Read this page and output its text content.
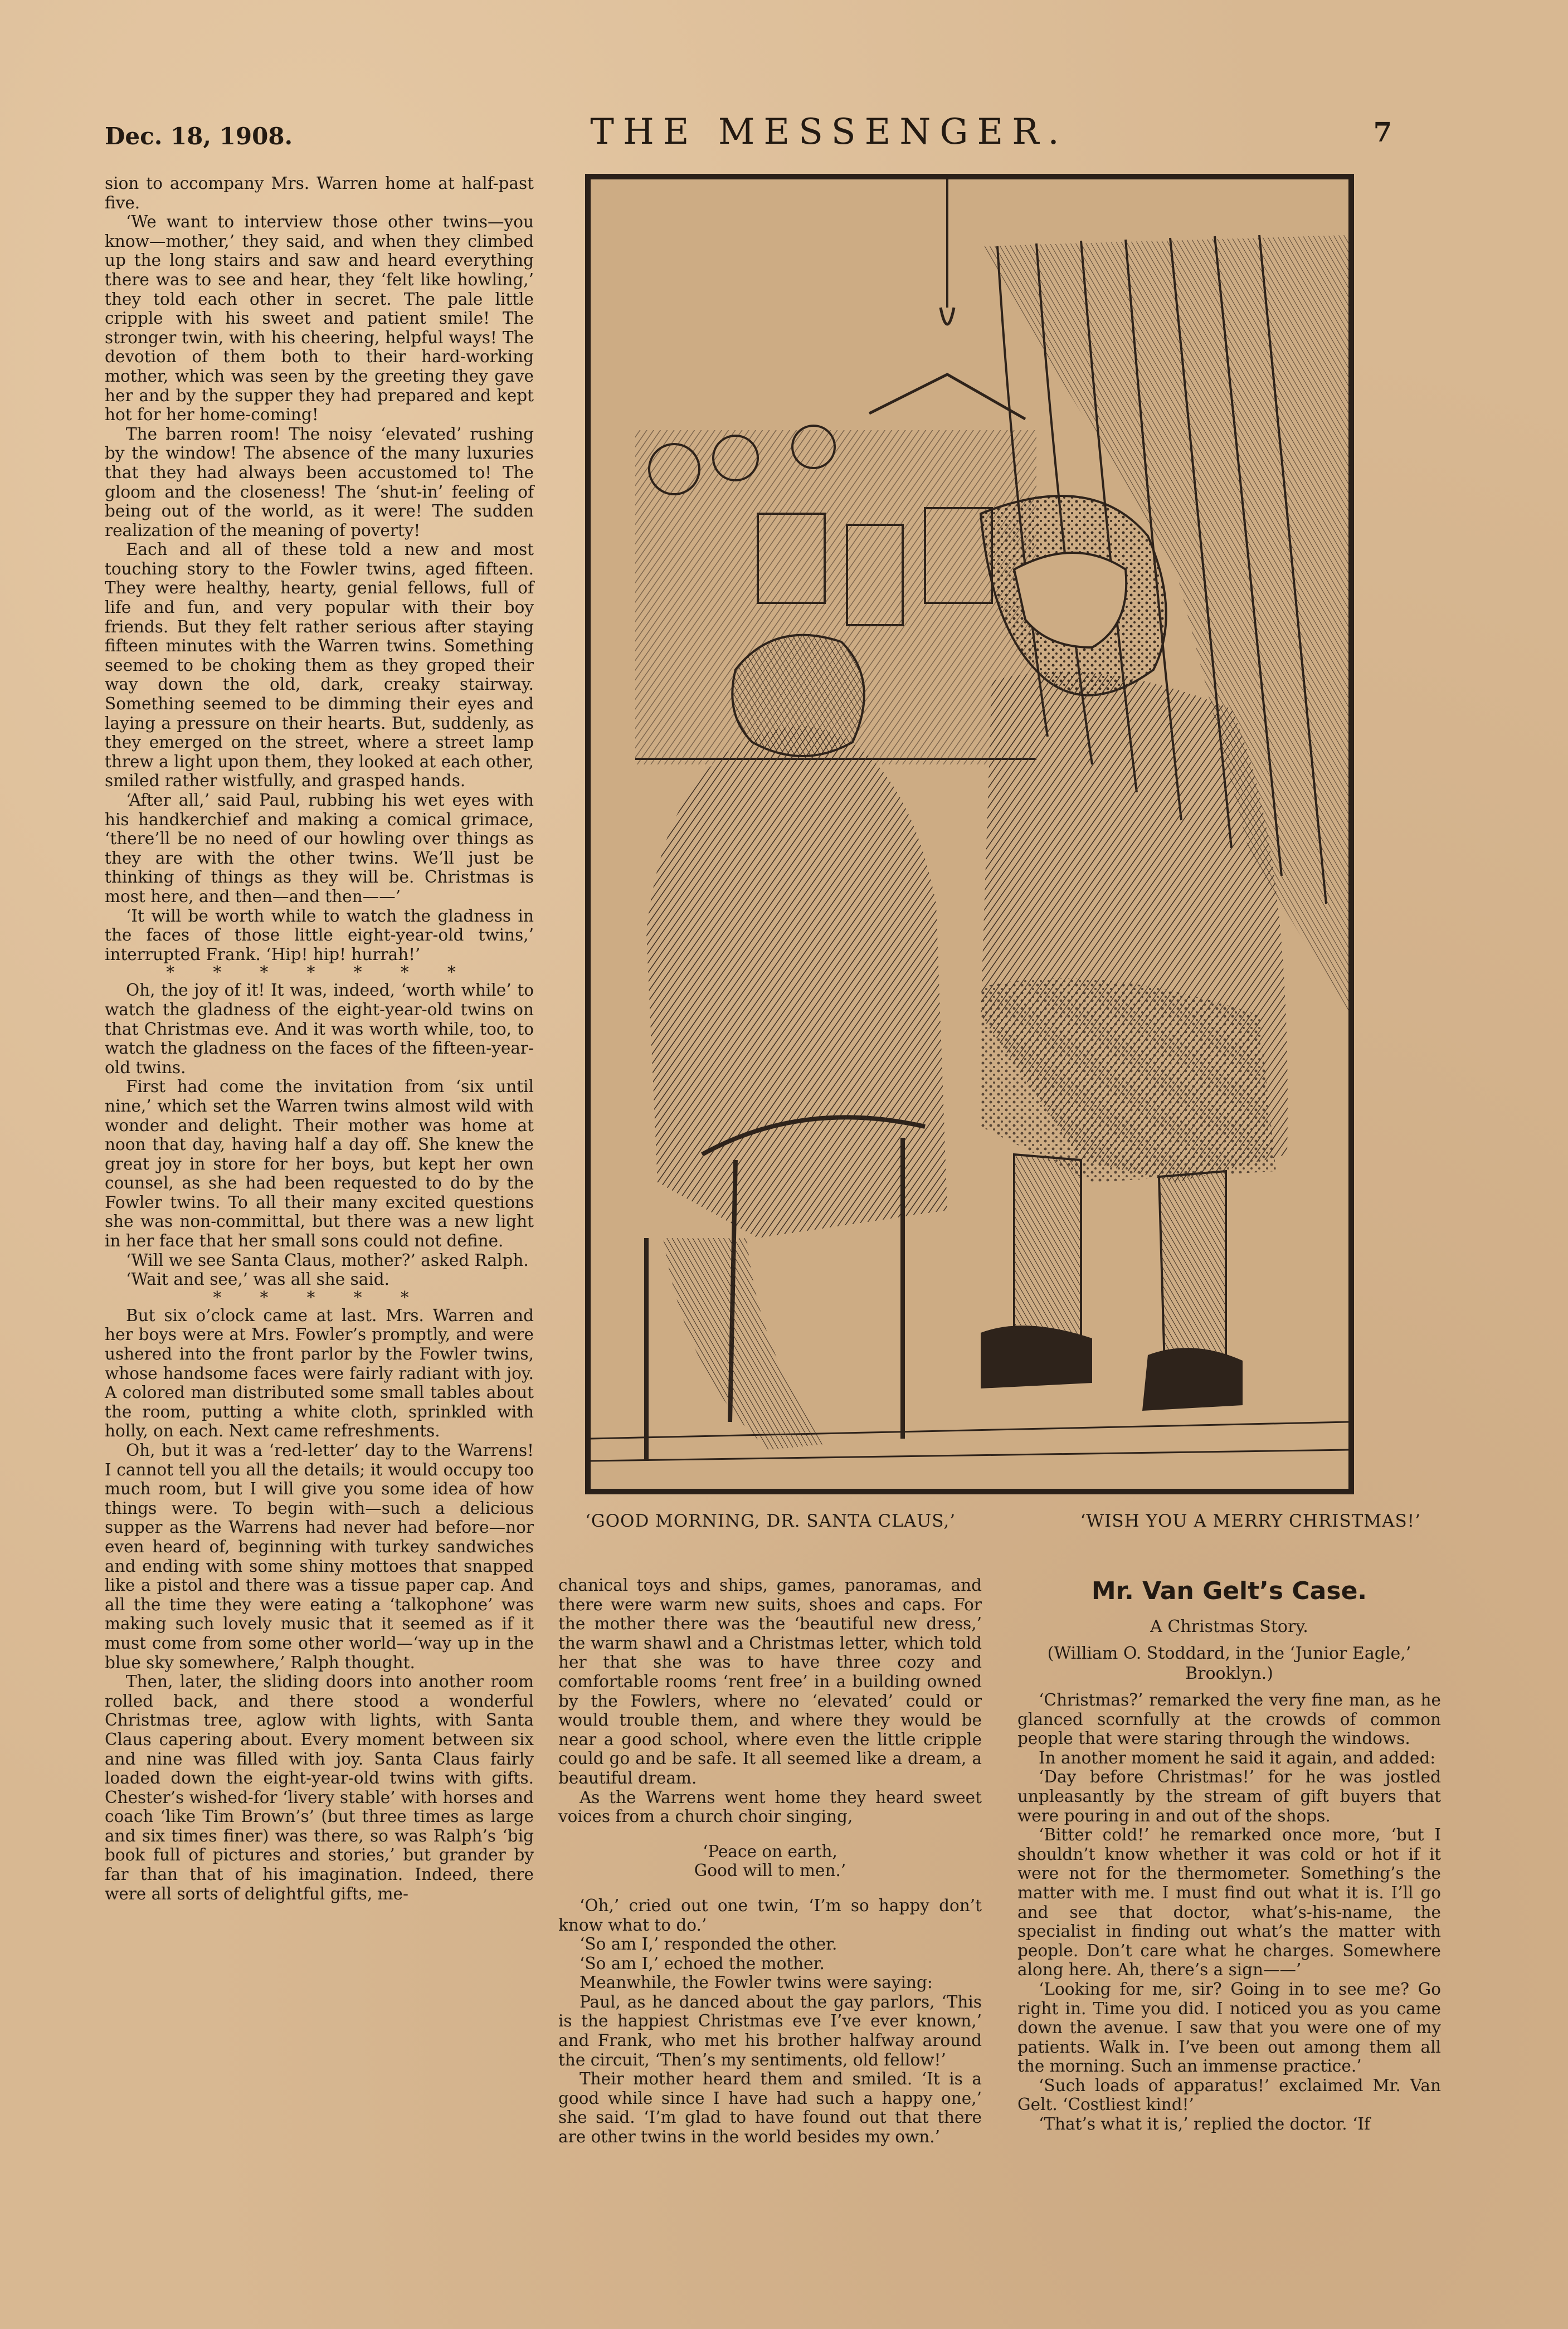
Dec. 18, 1908.	THE MESSENGER.	7

sion to accompany Mrs. Warren home at half-past five.

‘We want to interview those other twins—you know—mother,’ they said, and when they climbed up the long stairs and saw and heard everything there was to see and hear, they ‘felt like howling,’ they told each other in secret. The pale little cripple with his sweet and patient smile! The stronger twin, with his cheering, helpful ways! The devotion of them both to their hard-working mother, which was seen by the greeting they gave her and by the supper they had prepared and kept hot for her home-coming!

The barren room! The noisy ‘elevated’ rushing by the window! The absence of the many luxuries that they had always been accustomed to! The gloom and the closeness! The ‘shut-in’ feeling of being out of the world, as it were! The sudden realization of the meaning of poverty!

Each and all of these told a new and most touching story to the Fowler twins, aged fifteen. They were healthy, hearty, genial fellows, full of life and fun, and very popular with their boy friends. But they felt rather serious after staying fifteen minutes with the Warren twins. Something seemed to be choking them as they groped their way down the old, dark, creaky stairway. Something seemed to be dimming their eyes and laying a pressure on their hearts. But, suddenly, as they emerged on the street, where a street lamp threw a light upon them, they looked at each other, smiled rather wistfully, and grasped hands.

‘After all,’ said Paul, rubbing his wet eyes with his handkerchief and making a comical grimace, ‘there’ll be no need of our howling over things as they are with the other twins. We’ll just be thinking of things as they will be. Christmas is most here, and then—and then——’

‘It will be worth while to watch the gladness in the faces of those little eight-year-old twins,’ interrupted Frank. ‘Hip! hip! hurrah!’

* * * * * * *

Oh, the joy of it! It was, indeed, ‘worth while’ to watch the gladness of the eight-year-old twins on that Christmas eve. And it was worth while, too, to watch the gladness on the faces of the fifteen-year-old twins.

First had come the invitation from ‘six until nine,’ which set the Warren twins almost wild with wonder and delight. Their mother was home at noon that day, having half a day off. She knew the great joy in store for her boys, but kept her own counsel, as she had been requested to do by the Fowler twins. To all their many excited questions she was non-committal, but there was a new light in her face that her small sons could not define.

‘Will we see Santa Claus, mother?’ asked Ralph.

‘Wait and see,’ was all she said.

* * * * *

But six o’clock came at last. Mrs. Warren and her boys were at Mrs. Fowler’s promptly, and were ushered into the front parlor by the Fowler twins, whose handsome faces were fairly radiant with joy. A colored man distributed some small tables about the room, putting a white cloth, sprinkled with holly, on each. Next came refreshments.

Oh, but it was a ‘red-letter’ day to the Warrens! I cannot tell you all the details; it would occupy too much room, but I will give you some idea of how things were. To begin with—such a delicious supper as the Warrens had never had before—nor even heard of, beginning with turkey sandwiches and ending with some shiny mottoes that snapped like a pistol and there was a tissue paper cap. And all the time they were eating a ‘talkophone’ was making such lovely music that it seemed as if it must come from some other world—‘way up in the blue sky somewhere,’ Ralph thought.

Then, later, the sliding doors into another room rolled back, and there stood a wonderful Christmas tree, aglow with lights, with Santa Claus capering about. Every moment between six and nine was filled with joy. Santa Claus fairly loaded down the eight-year-old twins with gifts. Chester’s wished-for ‘livery stable’ with horses and coach ‘like Tim Brown’s’ (but three times as large and six times finer) was there, so was Ralph’s ‘big book full of pictures and stories,’ but grander by far than that of his imagination. Indeed, there were all sorts of delightful gifts, me-

‘GOOD MORNING, DR. SANTA CLAUS,’	‘WISH YOU A MERRY CHRISTMAS!’

chanical toys and ships, games, panoramas, and there were warm new suits, shoes and caps. For the mother there was the ‘beautiful new dress,’ the warm shawl and a Christmas letter, which told her that she was to have three cozy and comfortable rooms ‘rent free’ in a building owned by the Fowlers, where no ‘elevated’ could or would trouble them, and where they would be near a good school, where even the little cripple could go and be safe. It all seemed like a dream, a beautiful dream.

As the Warrens went home they heard sweet voices from a church choir singing,

‘Peace on earth,

Good will to men.’

‘Oh,’ cried out one twin, ‘I’m so happy don’t know what to do.’

‘So am I,’ responded the other.

‘So am I,’ echoed the mother.

Meanwhile, the Fowler twins were saying:

Paul, as he danced about the gay parlors, ‘This is the happiest Christmas eve I’ve ever known,’ and Frank, who met his brother halfway around the circuit, ‘Then’s my sentiments, old fellow!’

Their mother heard them and smiled. ‘It is a good while since I have had such a happy one,’ she said. ‘I’m glad to have found out that there are other twins in the world besides my own.’

Mr. Van Gelt’s Case.
A Christmas Story.
(William O. Stoddard, in the ‘Junior Eagle,’ Brooklyn.)

‘Christmas?’ remarked the very fine man, as he glanced scornfully at the crowds of common people that were staring through the windows.

In another moment he said it again, and added:

‘Day before Christmas!’ for he was jostled unpleasantly by the stream of gift buyers that were pouring in and out of the shops.

‘Bitter cold!’ he remarked once more, ‘but I shouldn’t know whether it was cold or hot if it were not for the thermometer. Something’s the matter with me. I must find out what it is. I’ll go and see that doctor, what’s-his-name, the specialist in finding out what’s the matter with people. Don’t care what he charges. Somewhere along here. Ah, there’s a sign——’

‘Looking for me, sir? Going in to see me? Go right in. Time you did. I noticed you as you came down the avenue. I saw that you were one of my patients. Walk in. I’ve been out among them all the morning. Such an immense practice.’

‘Such loads of apparatus!’ exclaimed Mr. Van Gelt. ‘Costliest kind!’

‘That’s what it is,’ replied the doctor. ‘If
